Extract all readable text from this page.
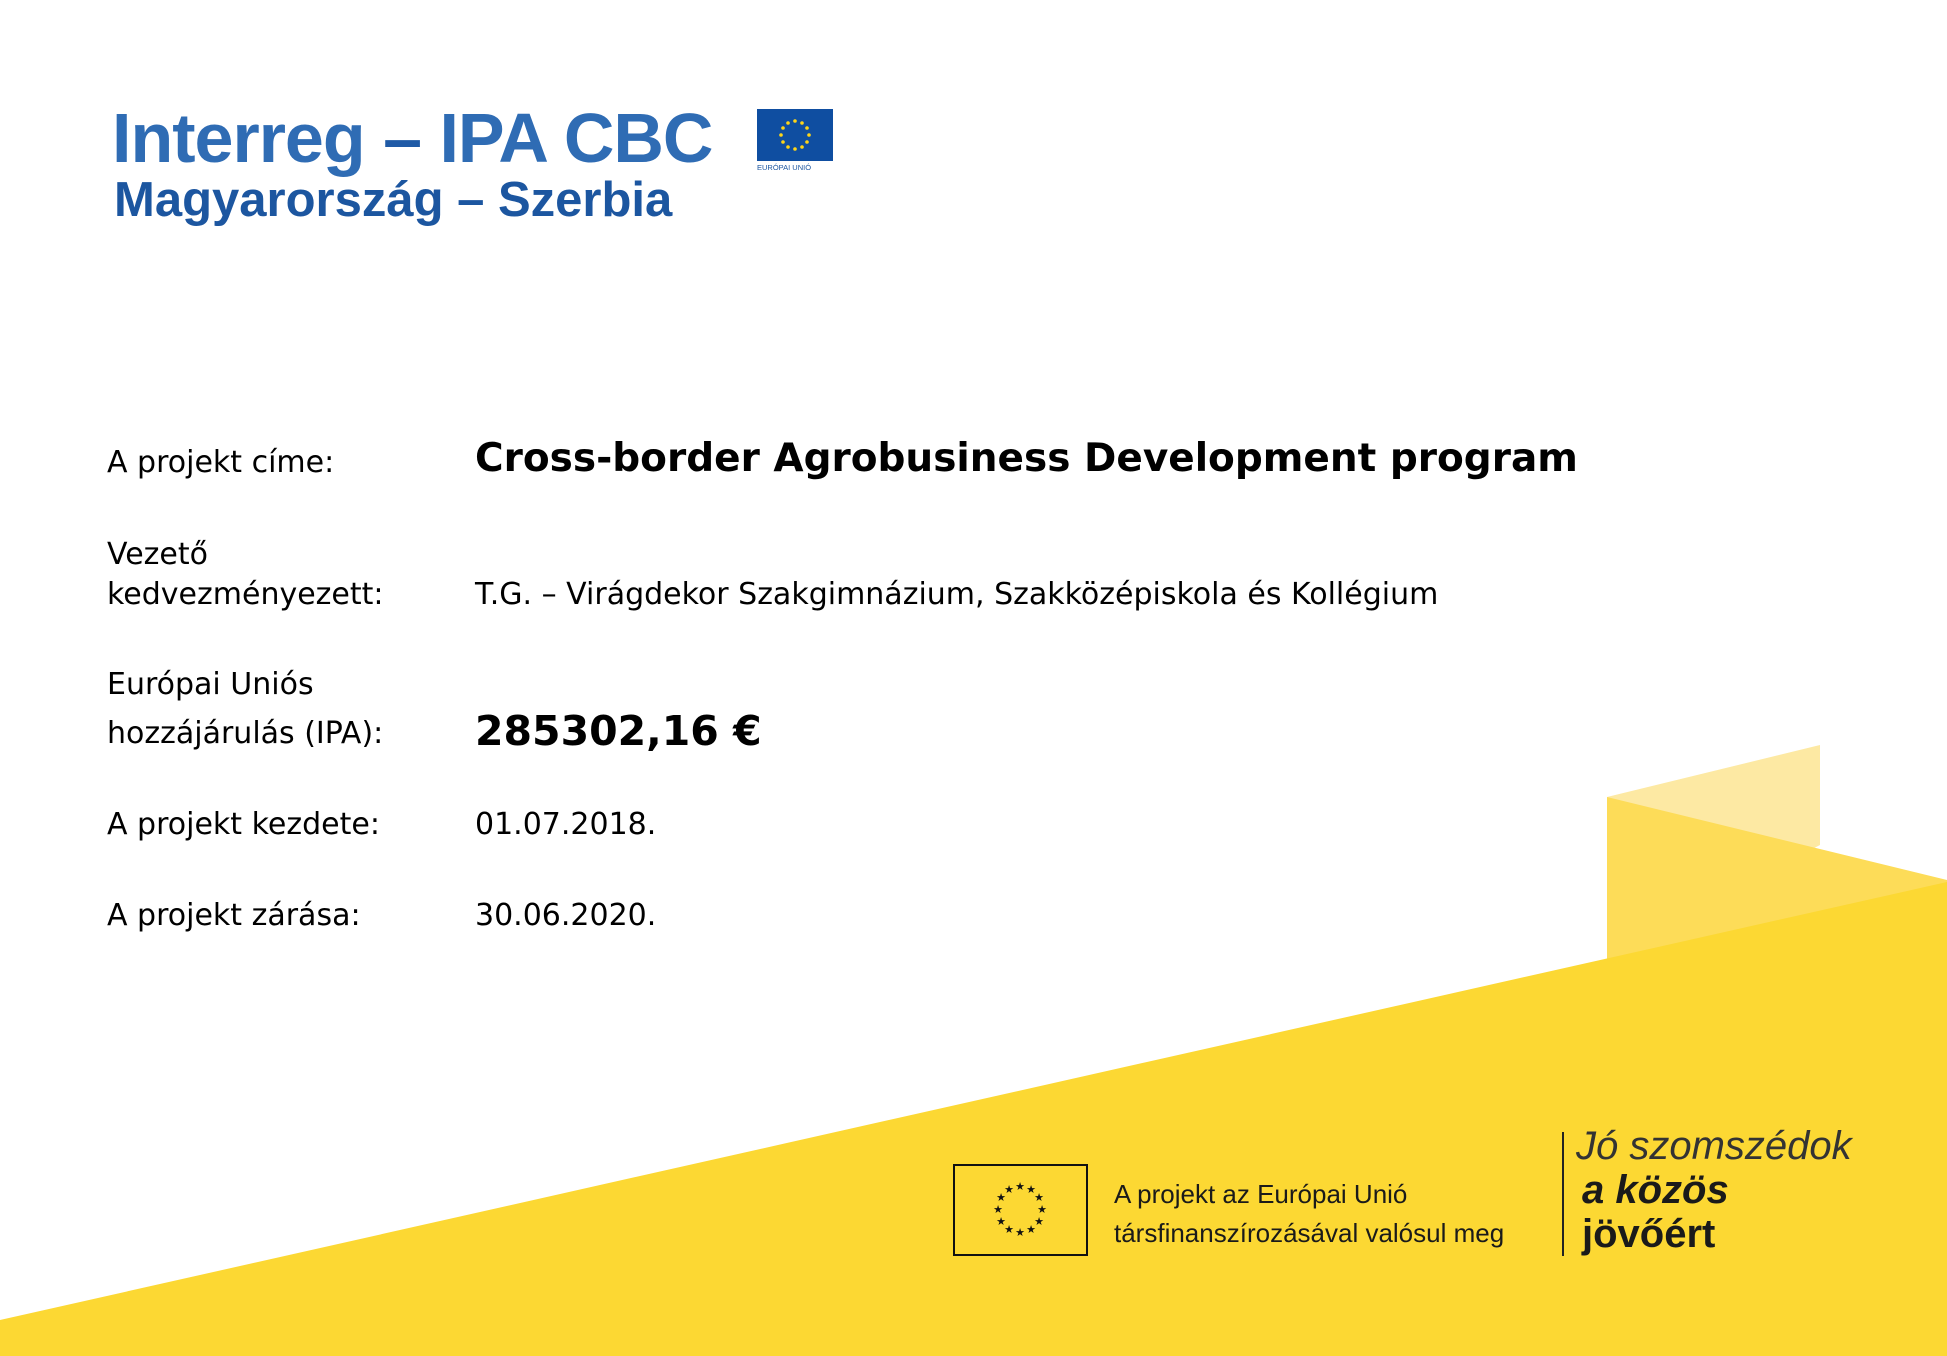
Interreg – IPA CBC
Magyarország – Szerbia
EURÓPAI UNIÓ
A projekt címe:	Cross-border Agrobusiness Development program
Vezető
kedvezményezett:	T.G. – Virágdekor Szakgimnázium, Szakközépiskola és Kollégium
Európai Uniós
hozzájárulás (IPA): 285302,16 €
A projekt kezdete:	01.07.2018.
A projekt zárása:	30.06.2020.
★ ★
★
★
★
★
★
★
★
★
★
★	A projekt az Európai Unió
társfinanszírozásával valósul meg
Jó szomszédok
a közös
jövőért
